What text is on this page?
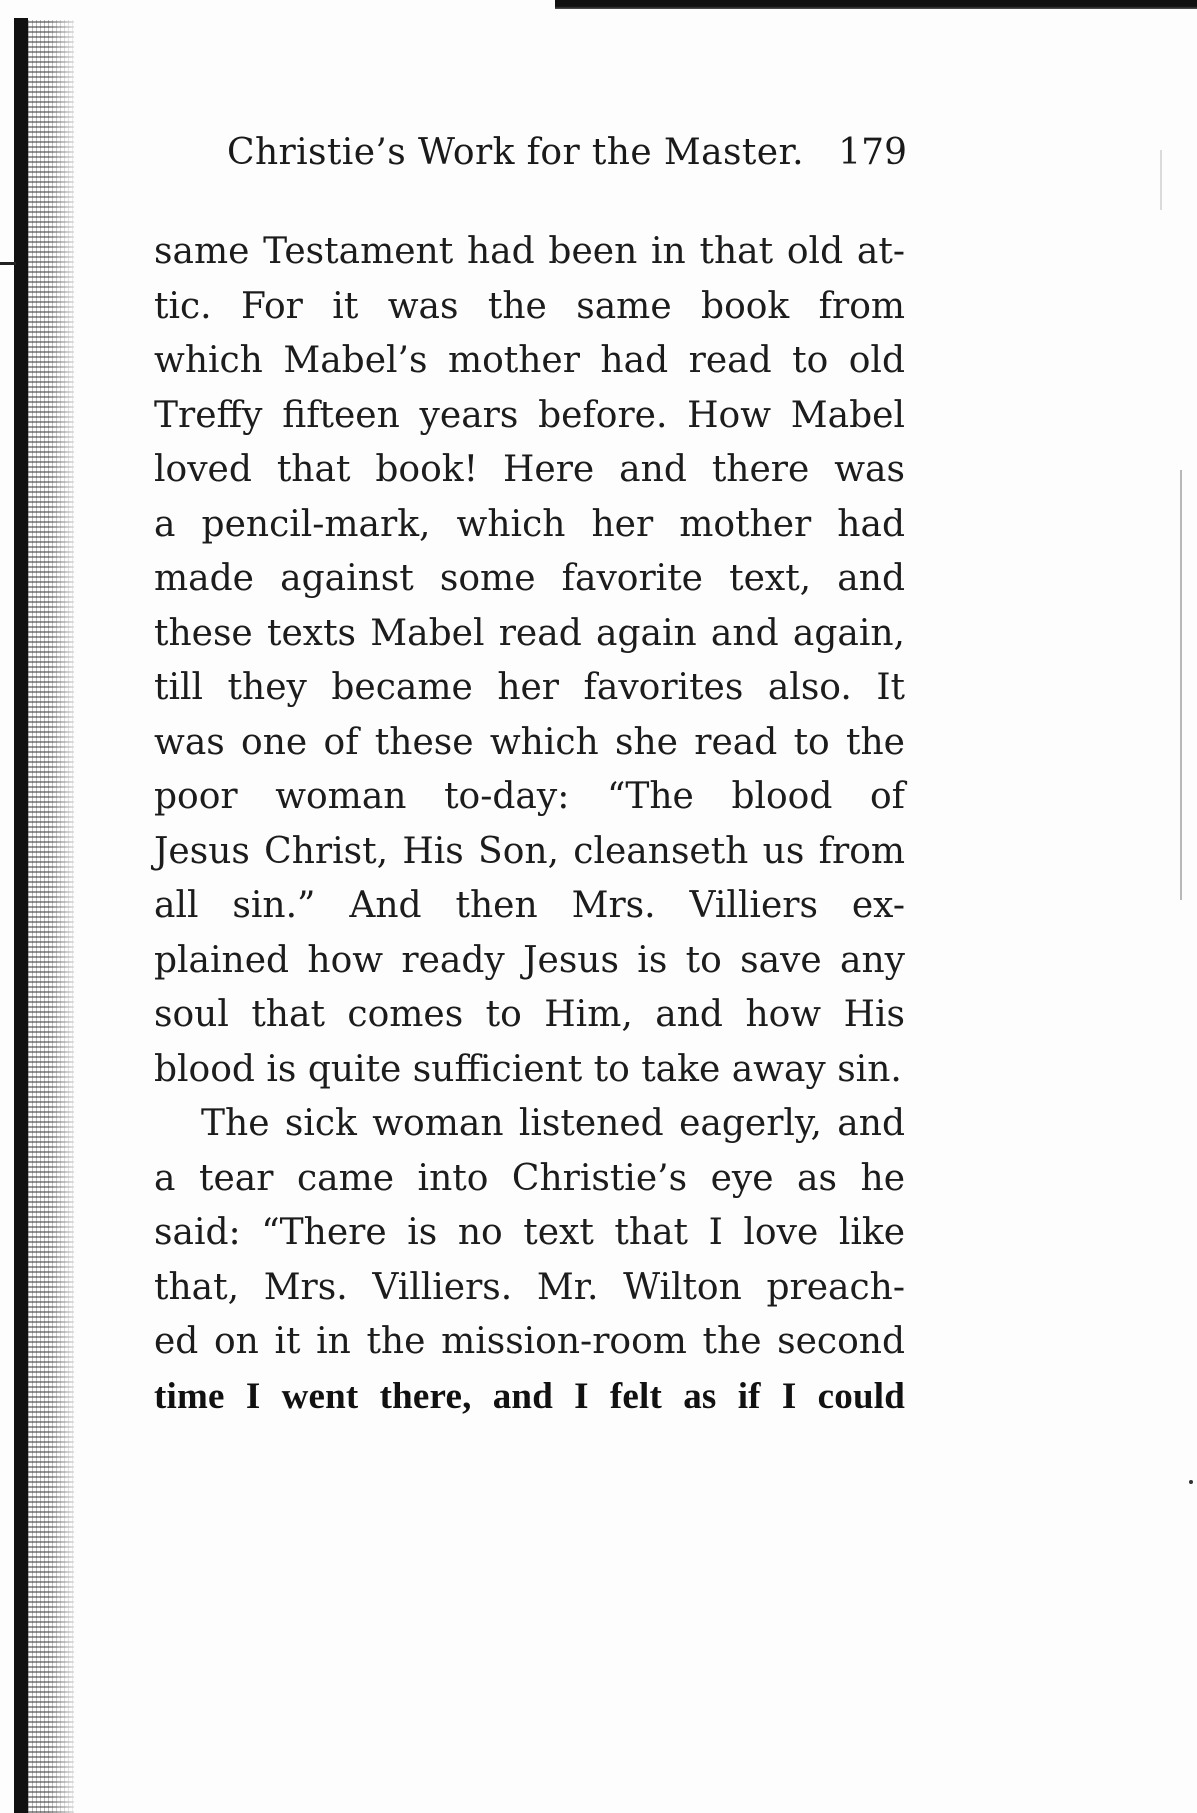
Christie’s Work for the Master. 179
same Testament had been in that old at-
tic. For it was the same book from
which Mabel’s mother had read to old
Treffy fifteen years before. How Mabel
loved that book! Here and there was
a pencil-mark, which her mother had
made against some favorite text, and
these texts Mabel read again and again,
till they became her favorites also. It
was one of these which she read to the
poor woman to-day: “The blood of
Jesus Christ, His Son, cleanseth us from
all sin.” And then Mrs. Villiers ex-
plained how ready Jesus is to save any
soul that comes to Him, and how His
blood is quite sufficient to take away sin.
The sick woman listened eagerly, and
a tear came into Christie’s eye as he
said: “There is no text that I love like
that, Mrs. Villiers. Mr. Wilton preach-
ed on it in the mission-room the second
time I went there, and I felt as if I could
